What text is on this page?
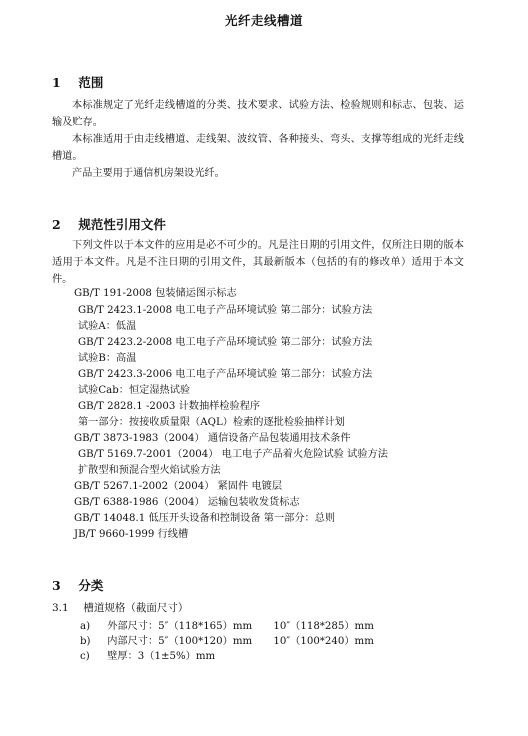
光纤走线槽道
1 范围

本标准规定了光纤走线槽道的分类、技术要求、试验方法、检验规则和标志、包装、运输及贮存。

本标准适用于由走线槽道、走线架、波纹管、各种接头、弯头、支撑等组成的光纤走线槽道。

产品主要用于通信机房架设光纤。

2 规范性引用文件

下列文件以于本文件的应用是必不可少的。凡是注日期的引用文件，仅所注日期的版本适用于本文件。凡是不注日期的引用文件，其最新版本（包括的有的修改单）适用于本文件。

GB/T 191-2008 包装储运图示标志
GB/T 2423.1-2008 电工电子产品环境试验 第二部分：试验方法
试验A：低温
GB/T 2423.2-2008 电工电子产品环境试验 第二部分：试验方法
试验B：高温
GB/T 2423.3-2006 电工电子产品环境试验 第二部分：试验方法
试验Cab：恒定湿热试验
GB/T 2828.1 -2003 计数抽样检验程序
第一部分：按接收质量限（AQL）检索的逐批检验抽样计划
GB/T 3873-1983（2004） 通信设备产品包装通用技术条件
GB/T 5169.7-2001（2004） 电工电子产品着火危险试验 试验方法
扩散型和预混合型火焰试验方法
GB/T 5267.1-2002（2004） 紧固件 电镀层
GB/T 6388-1986（2004） 运输包装收发货标志
GB/T 14048.1 低压开头设备和控制设备 第一部分：总则
JB/T 9660-1999 行线槽
3 分类
3.1 槽道规格（截面尺寸）
a) 外部尺寸：5″（118*165）mm 10″（118*285）mm
b) 内部尺寸：5″（100*120）mm 10″（100*240）mm
c) 壁厚：3（1±5%）mm
